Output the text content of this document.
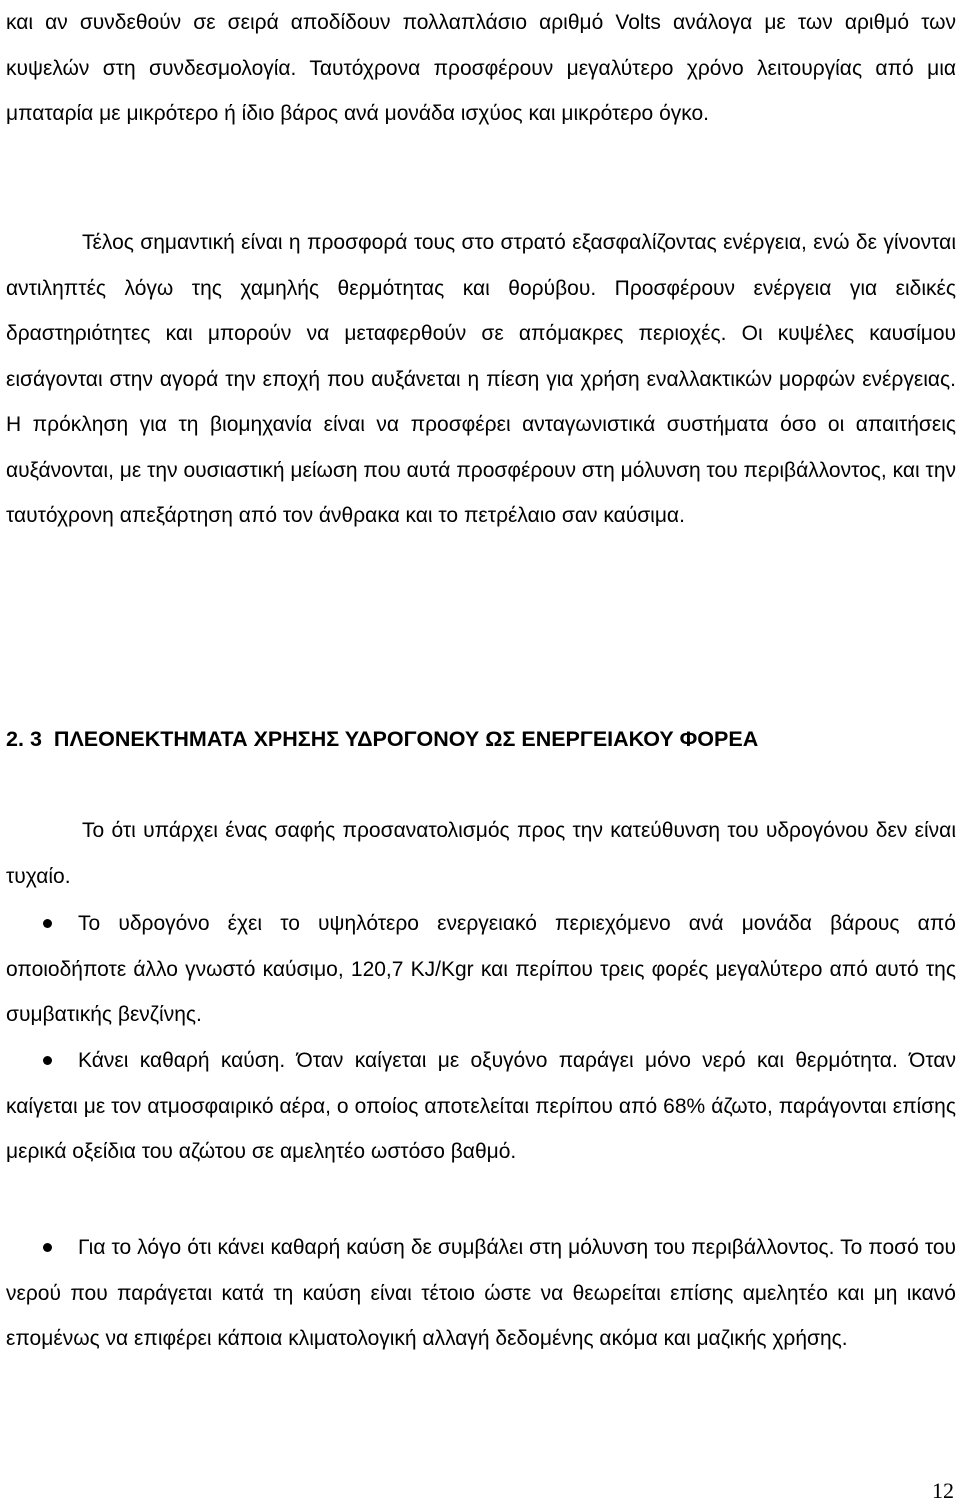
και αν συνδεθούν σε σειρά αποδίδουν πολλαπλάσιο αριθμό Volts ανάλογα με των αριθμό των κυψελών στη συνδεσμολογία. Ταυτόχρονα προσφέρουν μεγαλύτερο χρόνο λειτουργίας από μια μπαταρία με μικρότερο ή ίδιο βάρος ανά μονάδα ισχύος και μικρότερο όγκο.

Τέλος σημαντική είναι η προσφορά τους στο στρατό εξασφαλίζοντας ενέργεια, ενώ δε γίνονται αντιληπτές λόγω της χαμηλής θερμότητας και θορύβου. Προσφέρουν ενέργεια για ειδικές δραστηριότητες και μπορούν να μεταφερθούν σε απόμακρες περιοχές. Οι κυψέλες καυσίμου εισάγονται στην αγορά την εποχή που αυξάνεται η πίεση για χρήση εναλλακτικών μορφών ενέργειας. Η πρόκληση για τη βιομηχανία είναι να προσφέρει ανταγωνιστικά συστήματα όσο οι απαιτήσεις αυξάνονται, με την ουσιαστική μείωση που αυτά προσφέρουν στη μόλυνση του περιβάλλοντος, και την ταυτόχρονη απεξάρτηση από τον άνθρακα και το πετρέλαιο σαν καύσιμα.

2. 3 ΠΛΕΟΝΕΚΤΗΜΑΤΑ ΧΡΗΣΗΣ ΥΔΡΟΓΟΝΟΥ ΩΣ ΕΝΕΡΓΕΙΑΚΟΥ ΦΟΡΕΑ

Το ότι υπάρχει ένας σαφής προσανατολισμός προς την κατεύθυνση του υδρογόνου δεν είναι τυχαίο.

Το υδρογόνο έχει το υψηλότερο ενεργειακό περιεχόμενο ανά μονάδα βάρους από οποιοδήποτε άλλο γνωστό καύσιμο, 120,7 KJ/Kgr και περίπου τρεις φορές μεγαλύτερο από αυτό της συμβατικής βενζίνης.

Κάνει καθαρή καύση. Όταν καίγεται με οξυγόνο παράγει μόνο νερό και θερμότητα. Όταν καίγεται με τον ατμοσφαιρικό αέρα, ο οποίος αποτελείται περίπου από 68% άζωτο, παράγονται επίσης μερικά οξείδια του αζώτου σε αμελητέο ωστόσο βαθμό.

Για το λόγο ότι κάνει καθαρή καύση δε συμβάλει στη μόλυνση του περιβάλλοντος. Το ποσό του νερού που παράγεται κατά τη καύση είναι τέτοιο ώστε να θεωρείται επίσης αμελητέο και μη ικανό επομένως να επιφέρει κάποια κλιματολογική αλλαγή δεδομένης ακόμα και μαζικής χρήσης.

12
